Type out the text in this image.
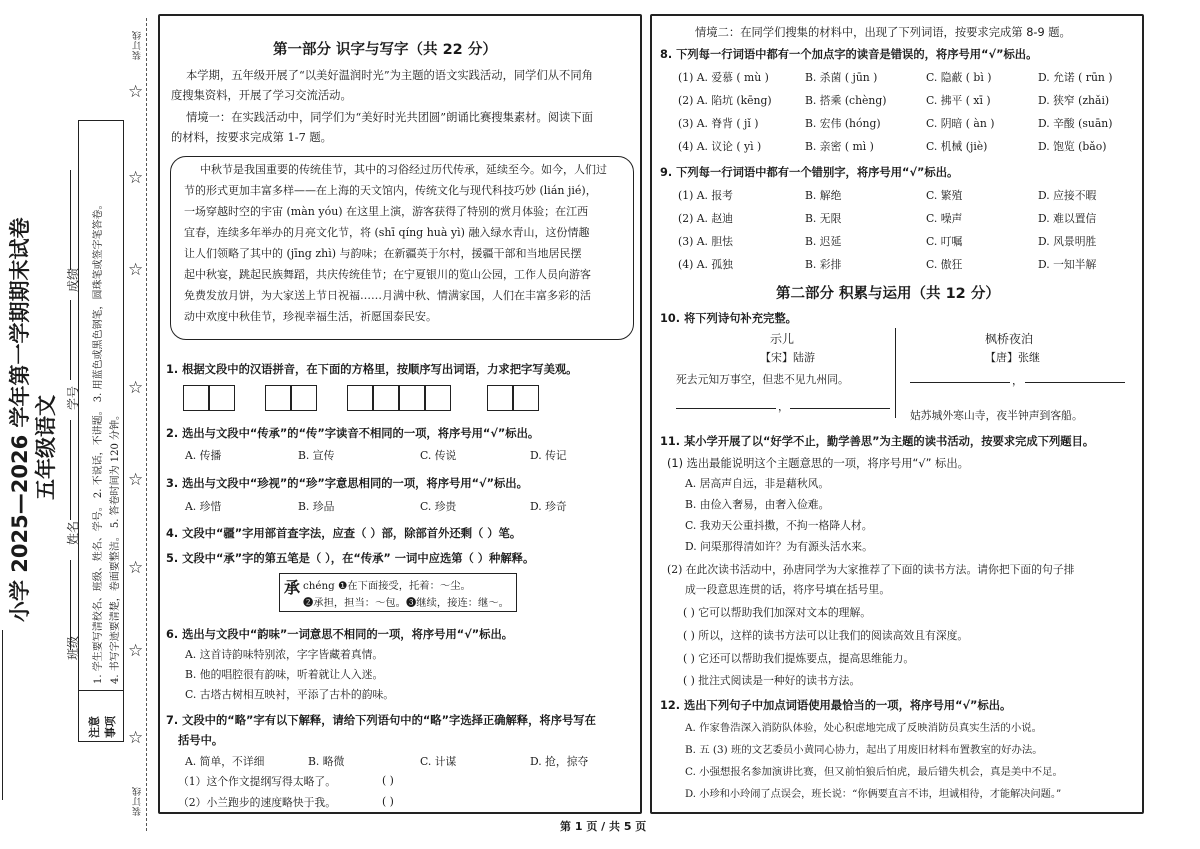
装订线
装订线
☆
☆
☆
☆
☆
☆
☆
☆
小学 2025—2026 学年第一学期期末试卷 五年级语文
班级
姓名
学号
成绩
注意 事项
1. 学生要写清校名、班级、姓名、学号。 2. 不说话，不讲题。 3. 用蓝色或黑色钢笔，圆珠笔或签字笔答卷。 4. 书写字迹要清楚，卷面要整洁。 5. 答卷时间为 120 分钟。
第一部分 识字与写字（共 22 分）
本学期，五年级开展了“以美好温润时光”为主题的语文实践活动，同学们从不同角
度搜集资料，开展了学习交流活动。
情境一：在实践活动中，同学们为“美好时光共团圆”朗诵比赛搜集素材。阅读下面
的材料，按要求完成第 1-7 题。
中秋节是我国重要的传统佳节，其中的习俗经过历代传承，延续至今。如今，人们过
节的形式更加丰富多样——在上海的天文馆内，传统文化与现代科技巧妙 (lián jié)，
一场穿越时空的宇宙 (màn yóu) 在这里上演，游客获得了特别的赏月体验；在江西
宜春，连续多年举办的月亮文化节，将 (shī qíng huà yì) 融入绿水青山，这份情趣
让人们领略了其中的 (jīng zhì) 与韵味；在新疆英于尔村，援疆干部和当地居民摆
起中秋宴，跳起民族舞蹈，共庆传统佳节；在宁夏银川的览山公园，工作人员向游客
免费发放月饼，为大家送上节日祝福……月满中秋、情满家国，人们在丰富多彩的活
动中欢度中秋佳节，珍视幸福生活，祈愿国泰民安。
1. 根据文段中的汉语拼音，在下面的方格里，按顺序写出词语，力求把字写美观。
2. 选出与文段中“传承”的“传”字读音不相同的一项，将序号用“√”标出。
A. 传播	B. 宣传	C. 传说	D. 传记
3. 选出与文段中“珍视”的“珍”字意思相同的一项，将序号用“√”标出。
A. 珍惜	B. 珍品	C. 珍贵	D. 珍奇
4. 文段中“疆”字用部首查字法，应查（ ）部，除部首外还剩（ ）笔。
5. 文段中“承”字的第五笔是（ ），在“传承” 一词中应选第（ ）种解释。
承 chéng ❶在下面接受，托着：～尘。
❷承担，担当：～包。❸继续，接连：继～。
6. 选出与文段中“韵味”一词意思不相同的一项，将序号用“√”标出。
A. 这首诗韵味特别浓，字字皆藏着真情。
B. 他的唱腔很有韵味，听着就让人入迷。
C. 古塔古树相互映衬，平添了古朴的韵味。
7. 文段中的“略”字有以下解释，请给下列语句中的“略”字选择正确解释，将序号写在
括号中。
A. 简单，不详细	B. 略微	C. 计谋	D. 抢，掠夺
（1）这个作文提纲写得太略了。	( )
（2）小兰跑步的速度略快于我。	( )
情境二：在同学们搜集的材料中，出现了下列词语，按要求完成第 8-9 题。
8. 下列每一行词语中都有一个加点字的读音是错误的，将序号用“√”标出。
(1) A. 爱慕 ( mù )	B. 杀菌 ( jūn )	C. 隐蔽 ( bì )	D. 允诺 ( rūn )
(2) A. 陷坑 (kēng)	B. 搭乘 (chèng)	C. 拂平 ( xī )	D. 狭窄 (zhǎi)
(3) A. 脊背 ( jǐ )	B. 宏伟 (hóng)	C. 阴暗 ( àn )	D. 辛酸 (suān)
(4) A. 议论 ( yì )	B. 亲密 ( mì )	C. 机械 (jiè)	D. 饱览 (bǎo)
9. 下列每一行词语中都有一个错别字，将序号用“√”标出。
(1) A. 报考	B. 解绝	C. 繁殖	D. 应接不暇
(2) A. 赵迪	B. 无限	C. 噪声	D. 难以置信
(3) A. 胆怯	B. 迟延	C. 叮嘱	D. 风景明胜
(4) A. 孤独	B. 彩排	C. 傲狂	D. 一知半解
第二部分 积累与运用（共 12 分）
10. 将下列诗句补充完整。
示儿
【宋】陆游
死去元知万事空，但悲不见九州同。
，
枫桥夜泊
【唐】张继
，
姑苏城外寒山寺，夜半钟声到客船。
11. 某小学开展了以“好学不止，勤学善思”为主题的读书活动，按要求完成下列题目。
(1) 选出最能说明这个主题意思的一项，将序号用“√” 标出。
A. 居高声自远，非是藉秋风。
B. 由俭入奢易，由奢入俭难。
C. 我劝天公重抖擞，不拘一格降人材。
D. 问渠那得清如许？为有源头活水来。
(2) 在此次读书活动中，孙唐同学为大家推荐了下面的读书方法。请你把下面的句子排
成一段意思连贯的话，将序号填在括号里。
( ) 它可以帮助我们加深对文本的理解。
( ) 所以，这样的读书方法可以让我们的阅读高效且有深度。
( ) 它还可以帮助我们提炼要点，提高思维能力。
( ) 批注式阅读是一种好的读书方法。
12. 选出下列句子中加点词语使用最恰当的一项，将序号用“√”标出。
A. 作家鲁浩深入消防队体验，处心积虑地完成了反映消防员真实生活的小说。
B. 五 (3) 班的文艺委员小黄同心协力，起出了用废旧材料布置教室的好办法。
C. 小强想报名参加演讲比赛，但又前怕狼后怕虎，最后错失机会，真是美中不足。
D. 小珍和小玲闹了点误会，班长说：“你俩要直言不讳，坦诚相待，才能解决问题。”
第 1 页 / 共 5 页
